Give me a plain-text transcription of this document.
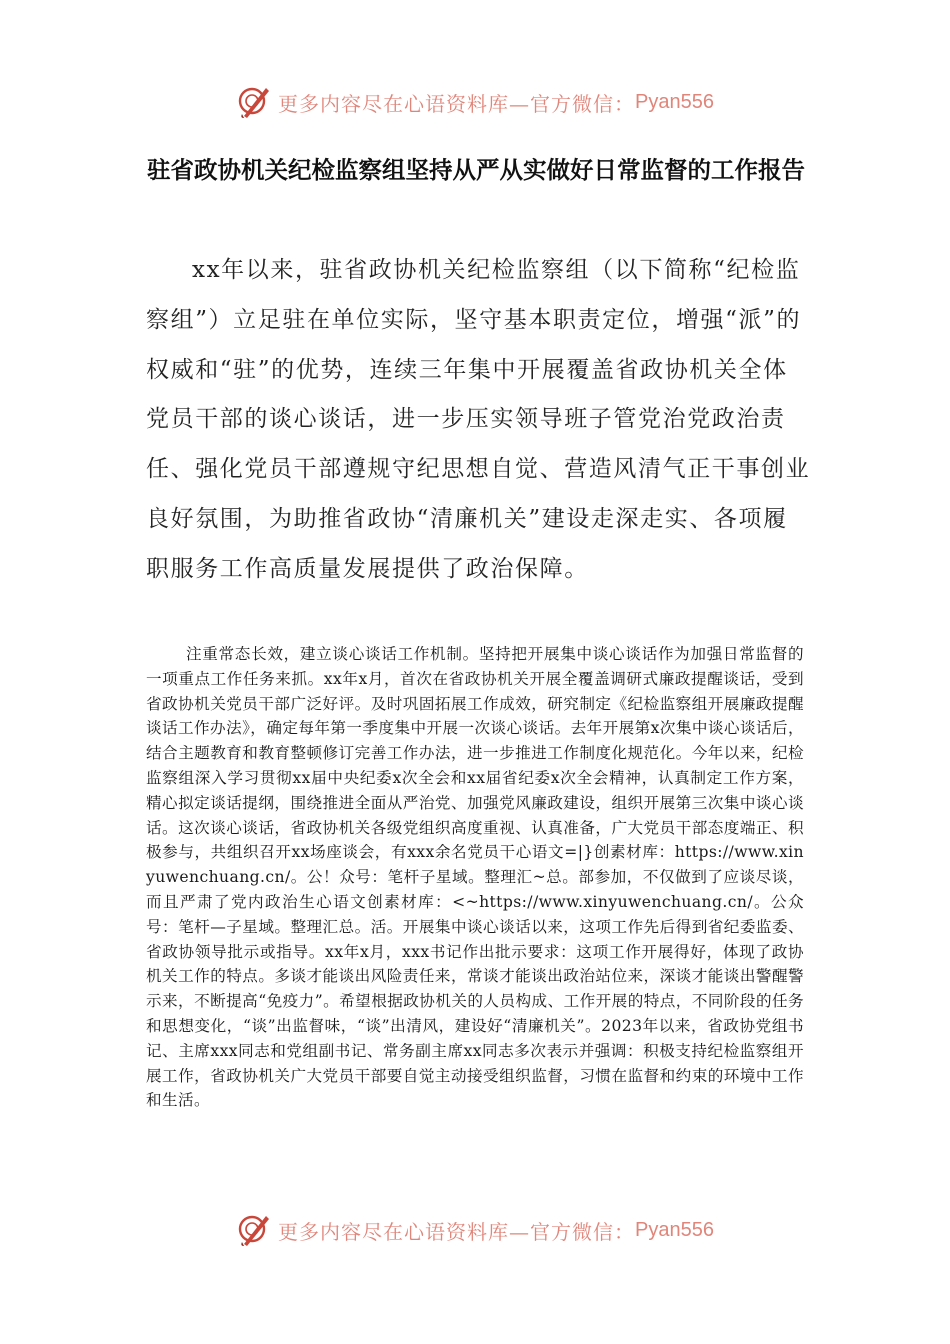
更多内容尽在心语资料库—官方微信： Pyan556
驻省政协机关纪检监察组坚持从严从实做好日常监督的工作报告

xx年以来，驻省政协机关纪检监察组（以下简称“纪检监察组”）立足驻在单位实际，坚守基本职责定位，增强“派”的权威和“驻”的优势，连续三年集中开展覆盖省政协机关全体党员干部的谈心谈话，进一步压实领导班子管党治党政治责任、强化党员干部遵规守纪思想自觉、营造风清气正干事创业良好氛围，为助推省政协“清廉机关”建设走深走实、各项履职服务工作高质量发展提供了政治保障。

注重常态长效，建立谈心谈话工作机制。坚持把开展集中谈心谈话作为加强日常监督的一项重点工作任务来抓。xx年x月，首次在省政协机关开展全覆盖调研式廉政提醒谈话，受到省政协机关党员干部广泛好评。及时巩固拓展工作成效，研究制定《纪检监察组开展廉政提醒谈话工作办法》，确定每年第一季度集中开展一次谈心谈话。去年开展第x次集中谈心谈话后，结合主题教育和教育整顿修订完善工作办法，进一步推进工作制度化规范化。今年以来，纪检监察组深入学习贯彻xx届中央纪委x次全会和xx届省纪委x次全会精神，认真制定工作方案，精心拟定谈话提纲，围绕推进全面从严治党、加强党风廉政建设，组织开展第三次集中谈心谈话。这次谈心谈话，省政协机关各级党组织高度重视、认真准备，广大党员干部态度端正、积极参与，共组织召开xx场座谈会，有xxx余名党员干心语文=|}创素材库：https://www.xinyuwenchuang.cn/。公！众号：笔杆子星域。整理汇~总。部参加，不仅做到了应谈尽谈，而且严肃了党内政治生心语文创素材库：<~https://www.xinyuwenchuang.cn/。公众号：笔杆—子星域。整理汇总。活。开展集中谈心谈话以来，这项工作先后得到省纪委监委、省政协领导批示或指导。xx年x月，xxx书记作出批示要求：这项工作开展得好，体现了政协机关工作的特点。多谈才能谈出风险责任来，常谈才能谈出政治站位来，深谈才能谈出警醒警示来，不断提高“免疫力”。希望根据政协机关的人员构成、工作开展的特点，不同阶段的任务和思想变化，“谈”出监督味，“谈”出清风，建设好“清廉机关”。2023年以来，省政协党组书记、主席xxx同志和党组副书记、常务副主席xx同志多次表示并强调：积极支持纪检监察组开展工作，省政协机关广大党员干部要自觉主动接受组织监督，习惯在监督和约束的环境中工作和生活。

更多内容尽在心语资料库—官方微信： Pyan556
